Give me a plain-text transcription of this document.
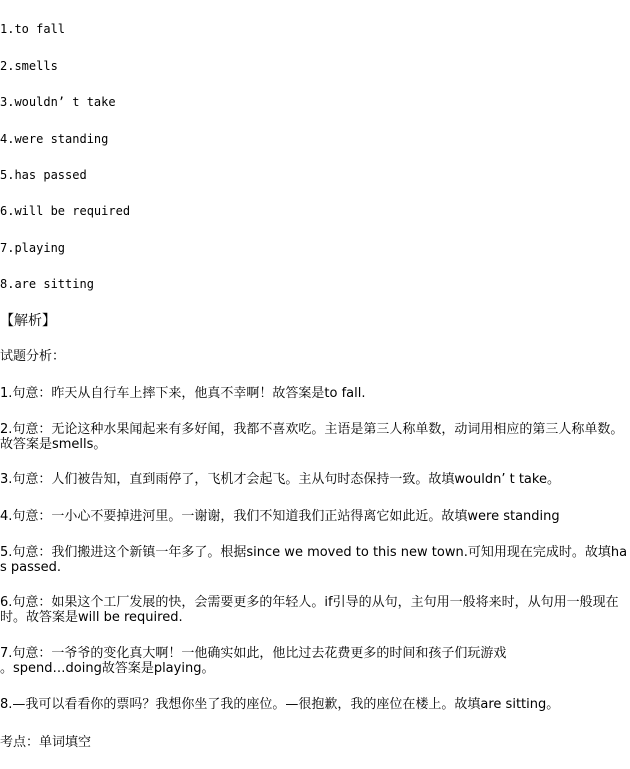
1.to fall

2.smells

3.wouldn’ t take

4.were standing

5.has passed

6.will be required

7.playing

8.are sitting

【解析】

试题分析：

1.句意：昨天从自行车上摔下来，他真不幸啊！故答案是to fall.

2.句意：无论这种水果闻起来有多好闻，我都不喜欢吃。主语是第三人称单数，动词用相应的第三人称单数。故答案是smells。

3.句意：人们被告知，直到雨停了，飞机才会起飞。主从句时态保持一致。故填wouldn’ t take。

4.句意：一小心不要掉进河里。一谢谢，我们不知道我们正站得离它如此近。故填were standing

5.句意：我们搬进这个新镇一年多了。根据since we moved to this new town.可知用现在完成时。故填has passed.

6.句意：如果这个工厂发展的快，会需要更多的年轻人。if引导的从句，主句用一般将来时，从句用一般现在时。故答案是will be required.

7.句意：一爷爷的变化真大啊！一他确实如此，他比过去花费更多的时间和孩子们玩游戏

。spend…doing故答案是playing。

8.—我可以看看你的票吗？我想你坐了我的座位。—很抱歉，我的座位在楼上。故填are sitting。

考点：单词填空
